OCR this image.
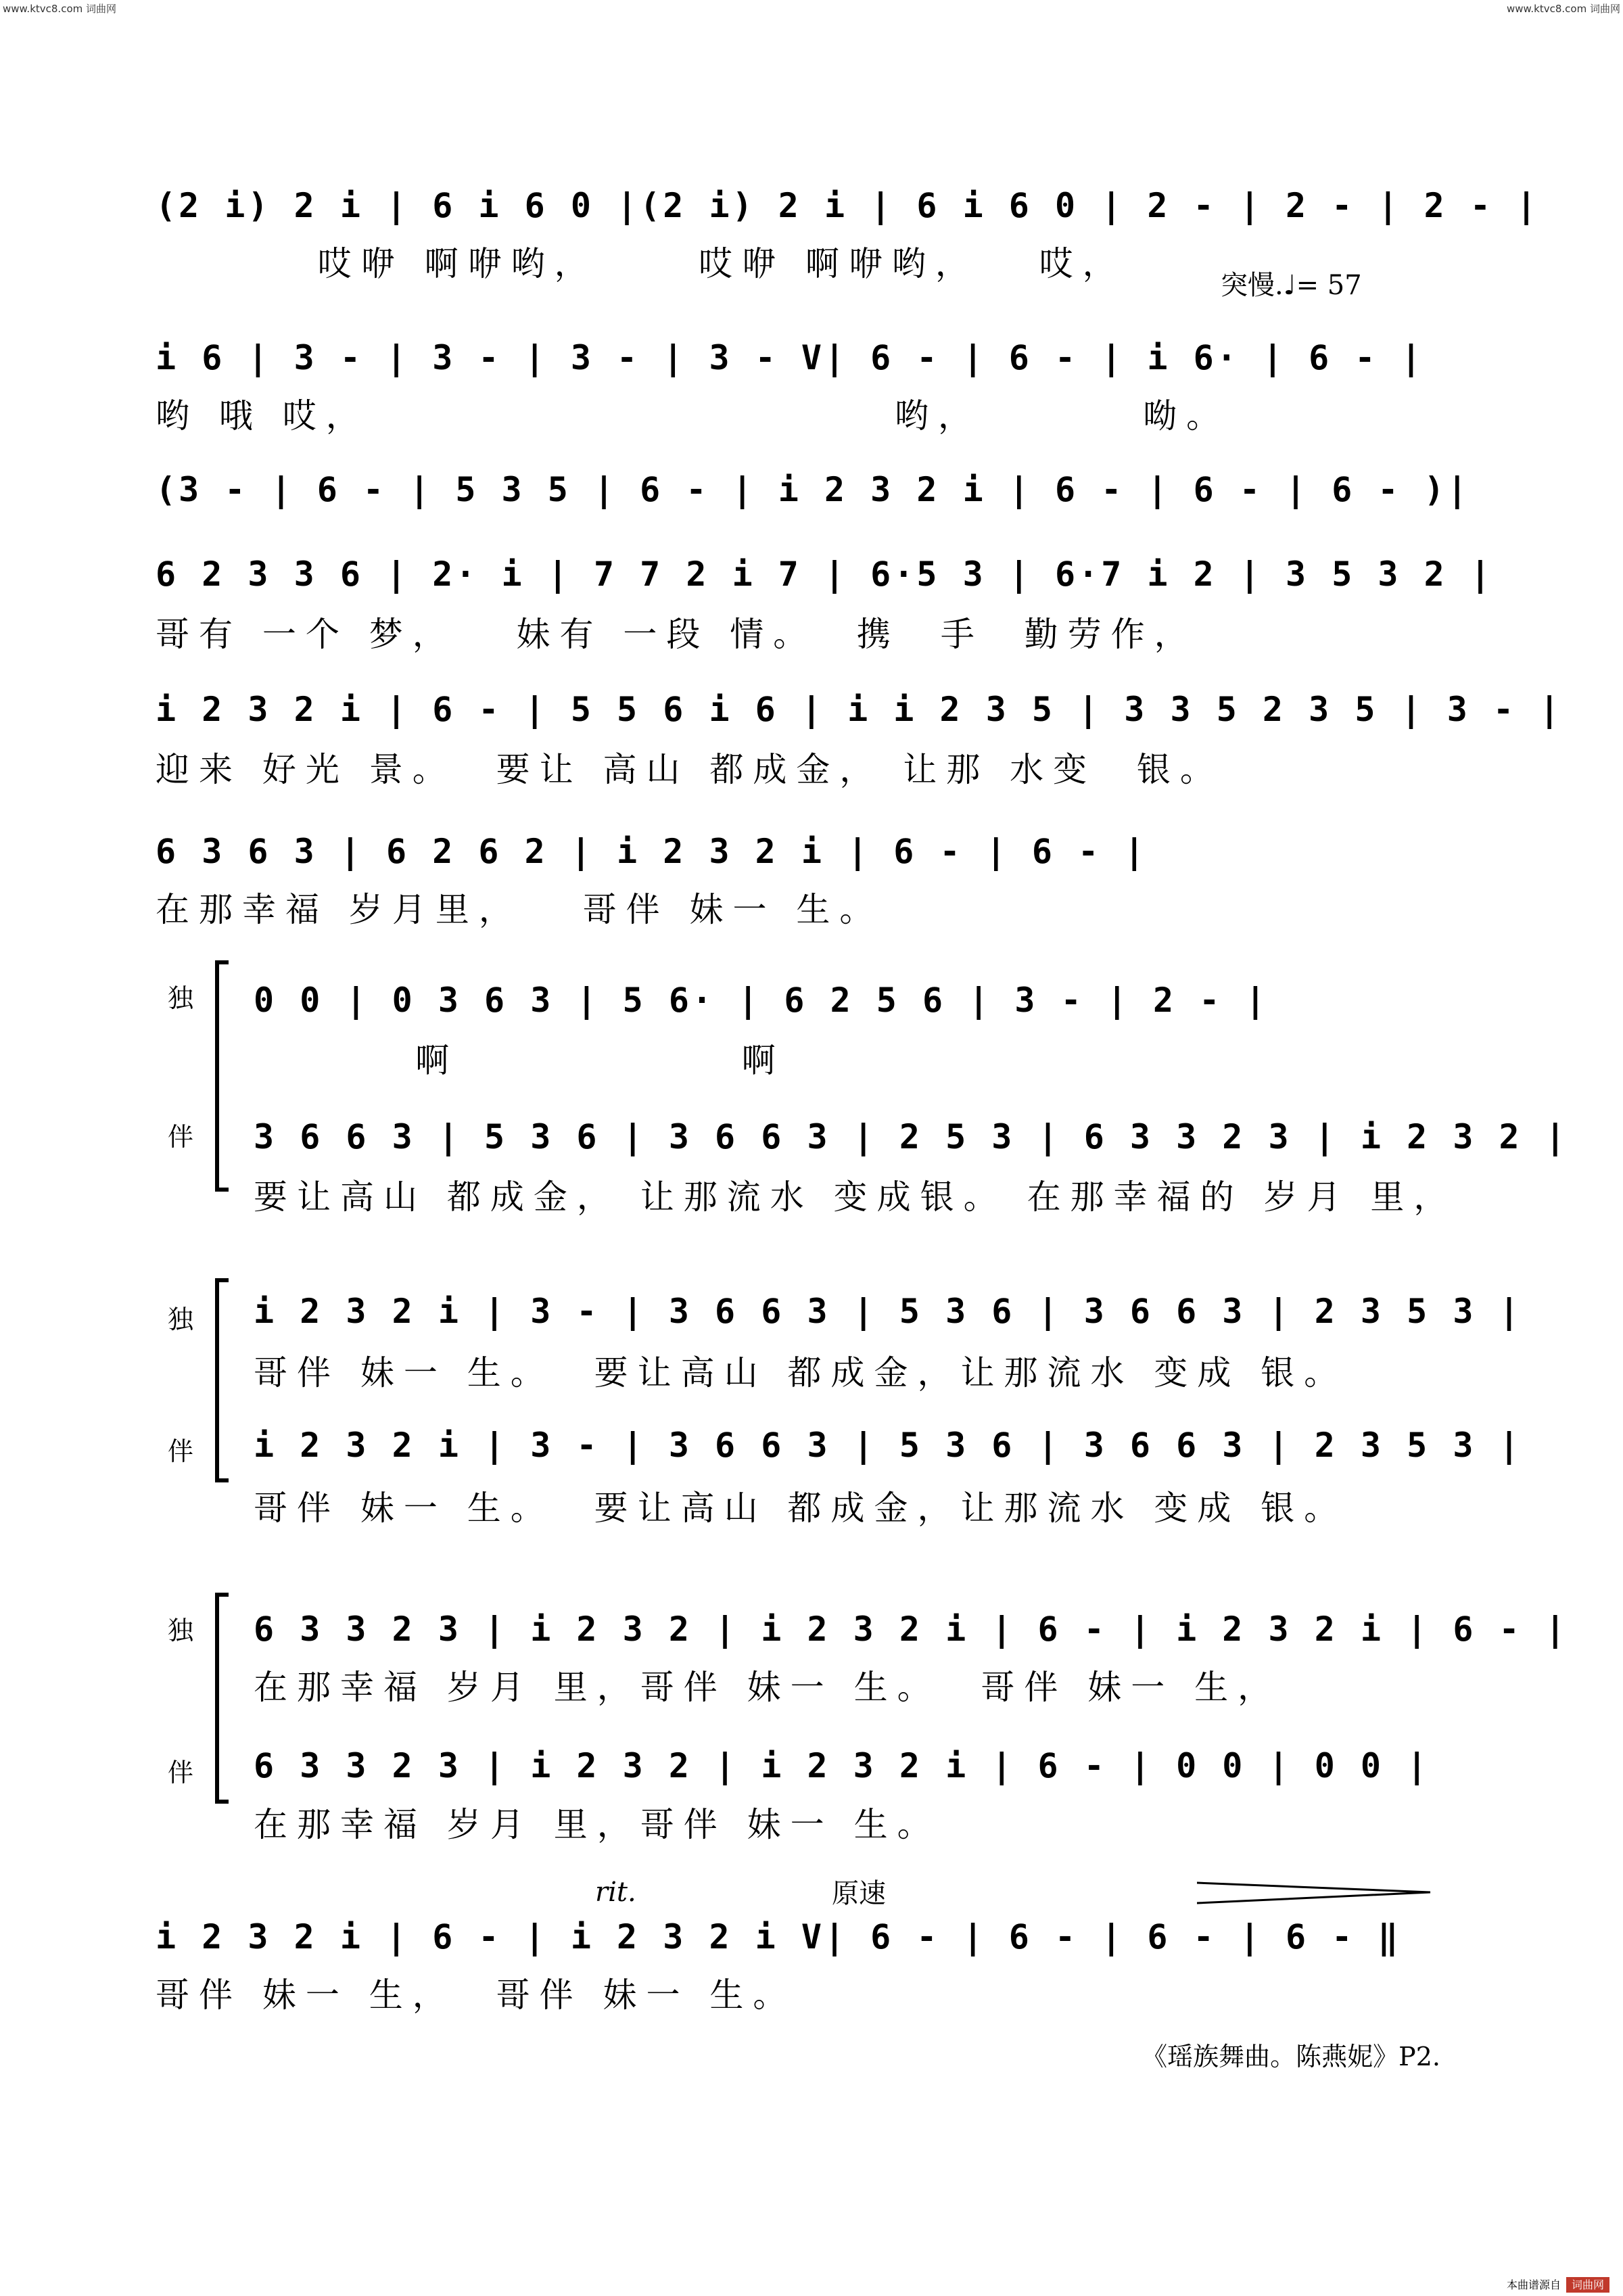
www.ktvc8.com 词曲网	www.ktvc8.com 词曲网
(2 i) 2 i | 6 i 6 0 |(2 i) 2 i | 6 i 6 0 | 2 - | 2 - | 2 - |
哎咿 啊咿哟，     哎咿 啊咿哟，   哎，
突慢.♩= 57
i 6 | 3 - | 3 - | 3 - | 3 - V| 6 - | 6 - | i 6· | 6 - |
哟 哦 哎，                          哟，        呦。
(3 - | 6 - | 5 3 5 | 6 - | i 2 3 2 i | 6 - | 6 - | 6 - )|
6 2 3 3 6 | 2· i | 7 7 2 i 7 | 6·5 3 | 6·7 i 2 | 3 5 3 2 |
哥有 一个 梦，   妹有 一段 情。  携  手  勤劳作，
i 2 3 2 i | 6 - | 5 5 6 i 6 | i i 2 3 5 | 3 3 5 2 3 5 | 3 - |
迎来 好光 景。  要让 高山 都成金， 让那 水变  银。
6 3 6 3 | 6 2 6 2 | i 2 3 2 i | 6 - | 6 - |
在那幸福 岁月里，   哥伴 妹一 生。
独
伴
0 0 | 0 3 6 3 | 5 6· | 6 2 5 6 | 3 - | 2 - |
啊              啊
3 6 6 3 | 5 3 6 | 3 6 6 3 | 2 5 3 | 6 3 3 2 3 | i 2 3 2 |
要让高山 都成金， 让那流水 变成银。 在那幸福的 岁月 里，
独
伴
i 2 3 2 i | 3 - | 3 6 6 3 | 5 3 6 | 3 6 6 3 | 2 3 5 3 |
哥伴 妹一 生。  要让高山 都成金，让那流水 变成 银。
i 2 3 2 i | 3 - | 3 6 6 3 | 5 3 6 | 3 6 6 3 | 2 3 5 3 |
哥伴 妹一 生。  要让高山 都成金，让那流水 变成 银。
独
伴
6 3 3 2 3 | i 2 3 2 | i 2 3 2 i | 6 - | i 2 3 2 i | 6 - |
在那幸福 岁月 里，哥伴 妹一 生。  哥伴 妹一 生，
6 3 3 2 3 | i 2 3 2 | i 2 3 2 i | 6 - | 0 0 | 0 0 |
在那幸福 岁月 里，哥伴 妹一 生。
rit.	原速
i 2 3 2 i | 6 - | i 2 3 2 i V| 6 - | 6 - | 6 - | 6 - ‖
哥伴 妹一 生，  哥伴 妹一 生。
《瑶族舞曲。陈燕妮》P2.
本曲谱源自 词曲网
